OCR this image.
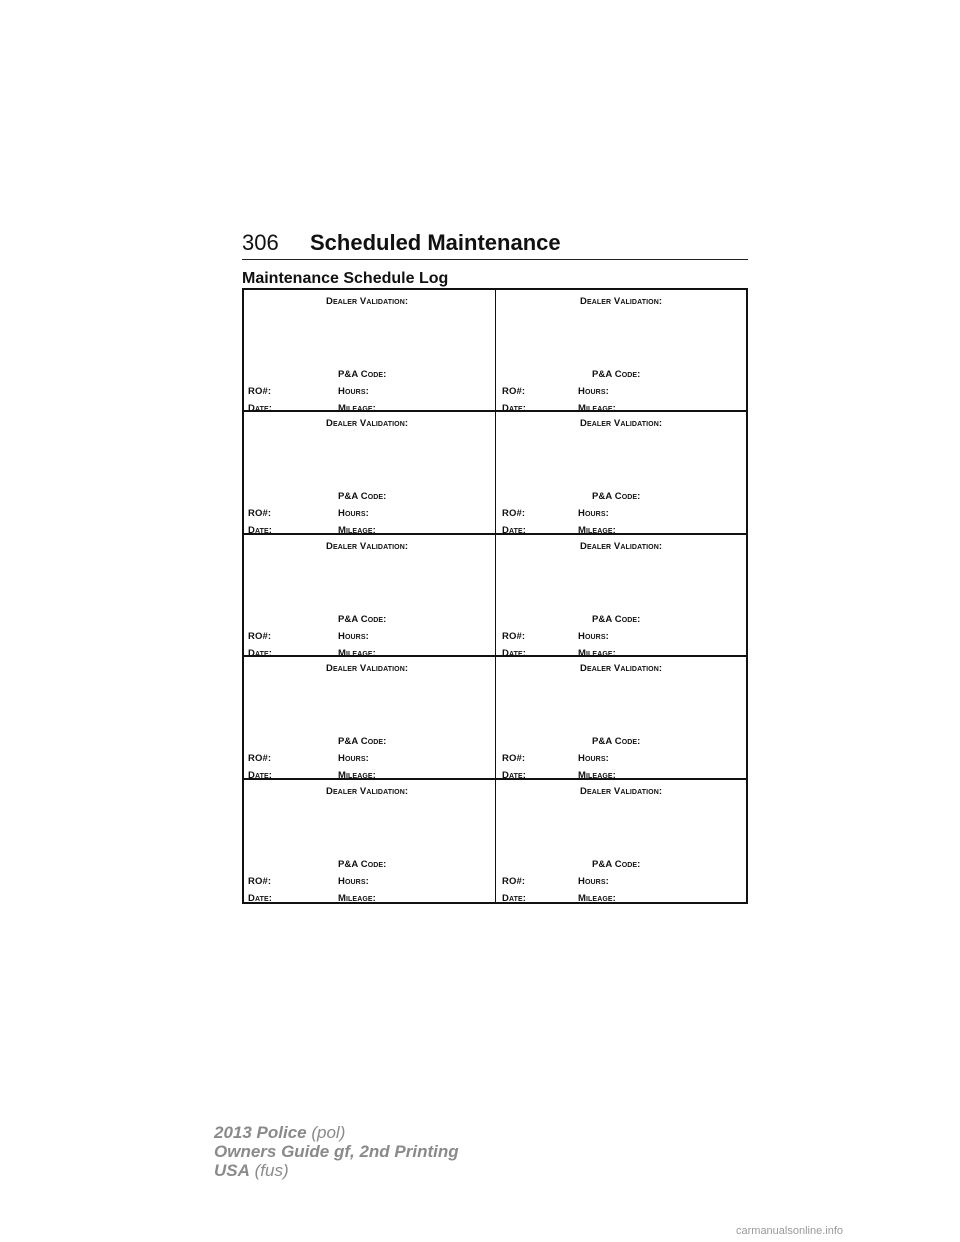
306 Scheduled Maintenance
Maintenance Schedule Log
Dealer Validation:
P&A Code:
RO#:	Hours:
Date:	Mileage:
Dealer Validation:
P&A Code:
RO#:	Hours:
Date:	Mileage:
Dealer Validation:
P&A Code:
RO#:	Hours:
Date:	Mileage:
Dealer Validation:
P&A Code:
RO#:	Hours:
Date:	Mileage:
Dealer Validation:
P&A Code:
RO#:	Hours:
Date:	Mileage:
Dealer Validation:
P&A Code:
RO#:	Hours:
Date:	Mileage:
Dealer Validation:
P&A Code:
RO#:	Hours:
Date:	Mileage:
Dealer Validation:
P&A Code:
RO#:	Hours:
Date:	Mileage:
Dealer Validation:
P&A Code:
RO#:	Hours:
Date:	Mileage:
Dealer Validation:
P&A Code:
RO#:	Hours:
Date:	Mileage:
2013 Police (pol)
Owners Guide gf, 2nd Printing
USA (fus)
carmanualsonline.info
